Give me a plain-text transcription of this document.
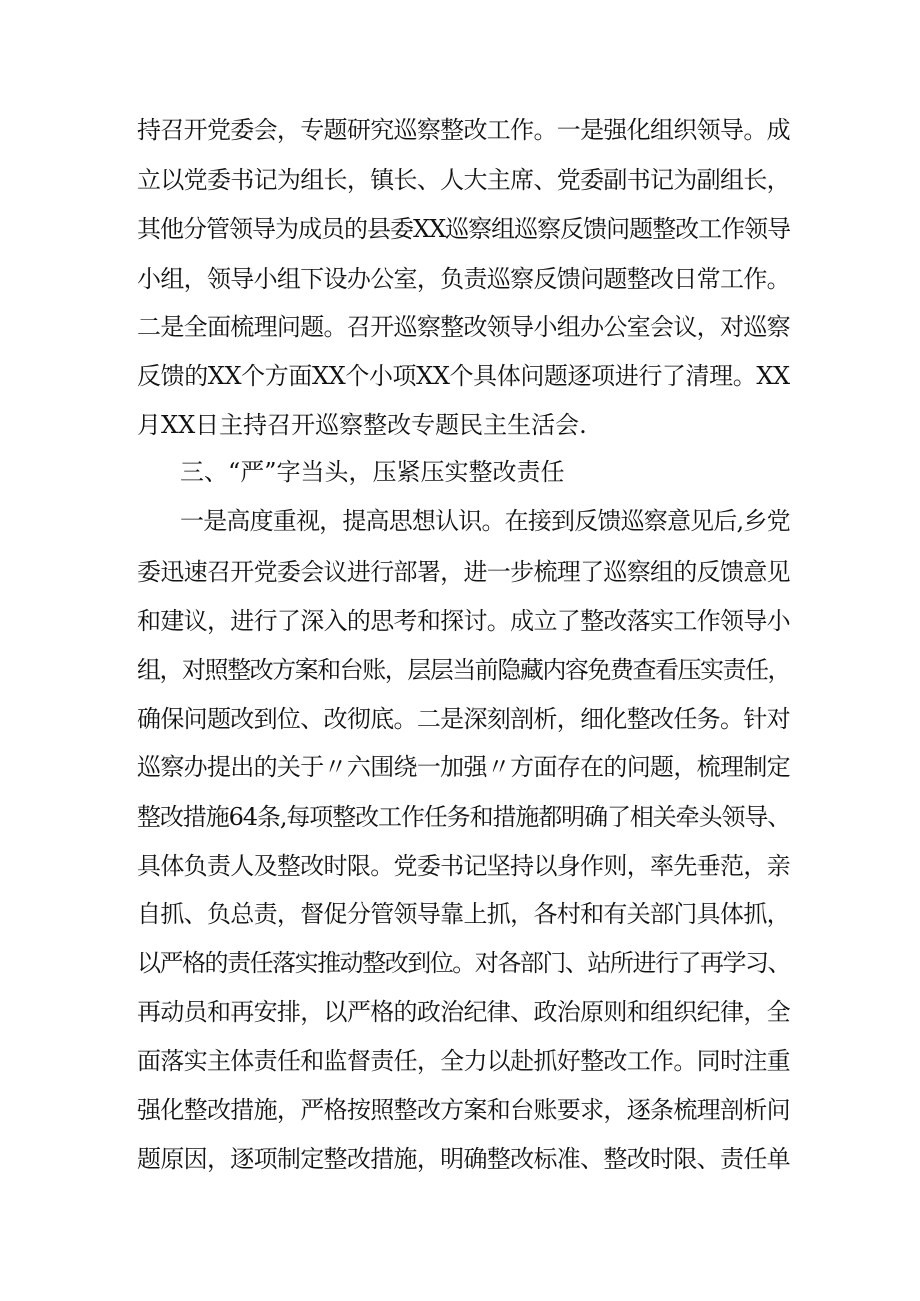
持召开党委会，专题研究巡察整改工作。一是强化组织领导。成
立以党委书记为组长，镇长、人大主席、党委副书记为副组长，
其他分管领导为成员的县委XX巡察组巡察反馈问题整改工作领导
小组，领导小组下设办公室，负责巡察反馈问题整改日常工作。
二是全面梳理问题。召开巡察整改领导小组办公室会议，对巡察
反馈的XX个方面XX个小项XX个具体问题逐项进行了清理。XX
月XX日主持召开巡察整改专题民主生活会.
三、“严”字当头，压紧压实整改责任
一是高度重视，提高思想认识。在接到反馈巡察意见后,乡党
委迅速召开党委会议进行部署，进一步梳理了巡察组的反馈意见
和建议，进行了深入的思考和探讨。成立了整改落实工作领导小
组，对照整改方案和台账，层层当前隐藏内容免费查看压实责任，
确保问题改到位、改彻底。二是深刻剖析，细化整改任务。针对
巡察办提出的关于〃六围绕一加强〃方面存在的问题，梳理制定
整改措施64条,每项整改工作任务和措施都明确了相关牵头领导、
具体负责人及整改时限。党委书记坚持以身作则，率先垂范，亲
自抓、负总责，督促分管领导靠上抓，各村和有关部门具体抓，
以严格的责任落实推动整改到位。对各部门、站所进行了再学习、
再动员和再安排，以严格的政治纪律、政治原则和组织纪律，全
面落实主体责任和监督责任，全力以赴抓好整改工作。同时注重
强化整改措施，严格按照整改方案和台账要求，逐条梳理剖析问
题原因，逐项制定整改措施，明确整改标准、整改时限、责任单
